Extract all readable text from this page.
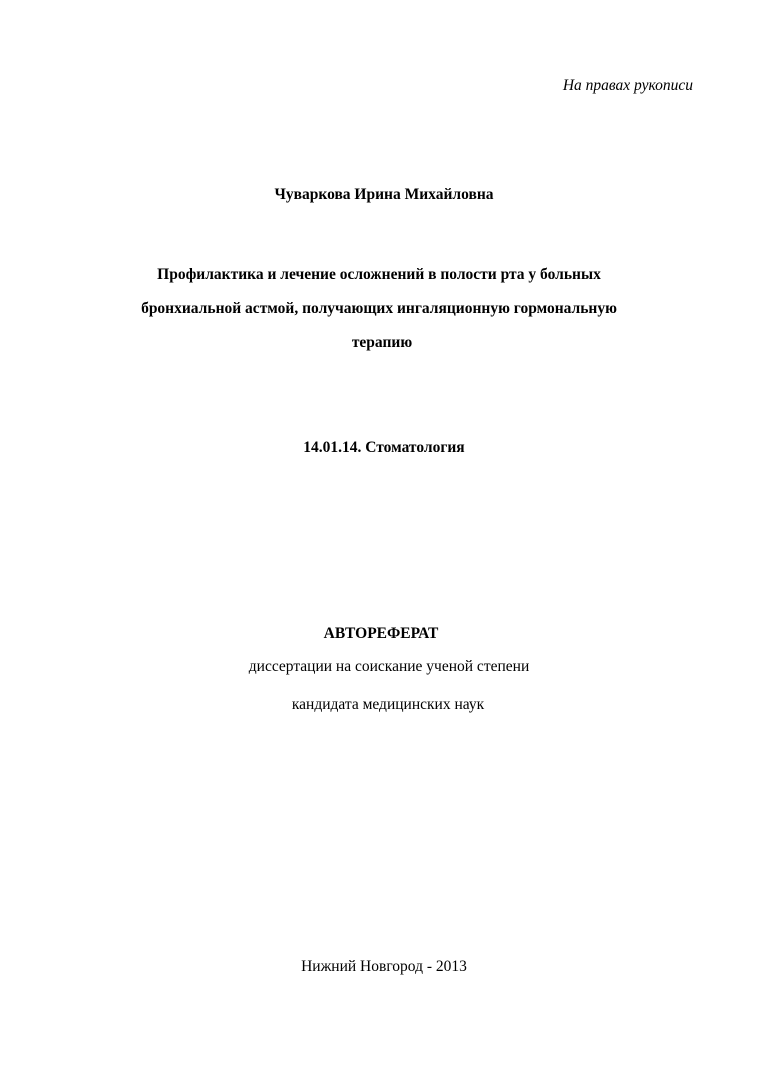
На правах рукописи
Чуваркова Ирина Михайловна
Профилактика и лечение осложнений в полости рта у больных
бронхиальной астмой, получающих ингаляционную гормональную
терапию
14.01.14. Стоматология
АВТОРЕФЕРАТ
диссертации на соискание ученой степени
кандидата медицинских наук
Нижний Новгород - 2013
